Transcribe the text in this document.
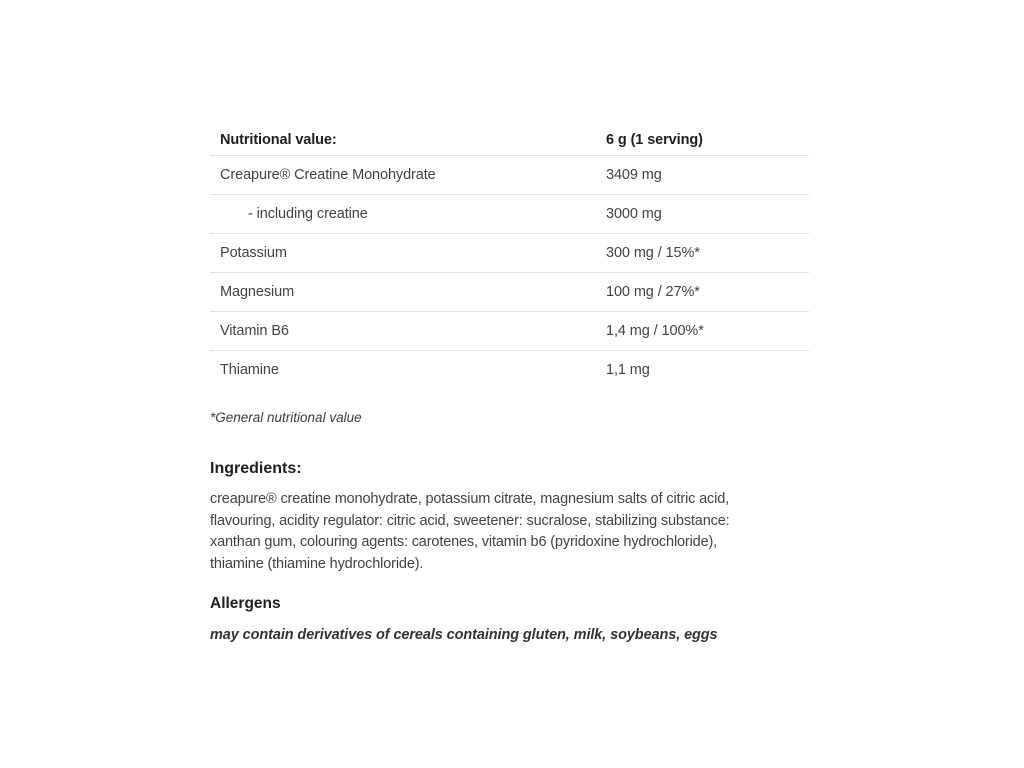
Nutritional value:	6 g (1 serving)
Creapure® Creatine Monohydrate	3409 mg
- including creatine	3000 mg
Potassium	300 mg / 15%*
Magnesium	100 mg / 27%*
Vitamin B6	1,4 mg / 100%*
Thiamine	1,1 mg
*General nutritional value
Ingredients:
creapure® creatine monohydrate, potassium citrate, magnesium salts of citric acid,
flavouring, acidity regulator: citric acid, sweetener: sucralose, stabilizing substance:
xanthan gum, colouring agents: carotenes, vitamin b6 (pyridoxine hydrochloride),
thiamine (thiamine hydrochloride).
Allergens
may contain derivatives of cereals containing gluten, milk, soybeans, eggs
